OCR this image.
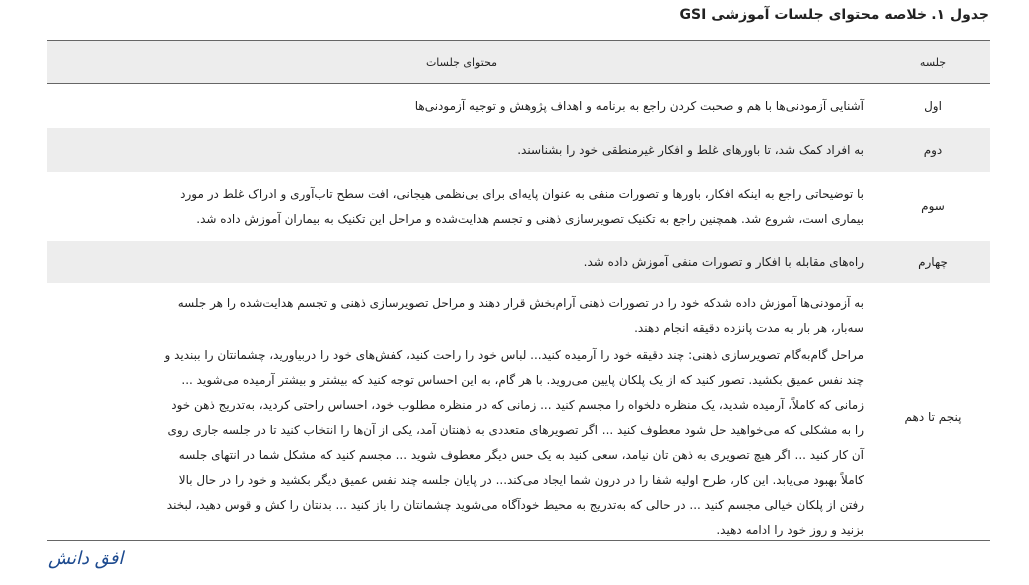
جدول ۱. خلاصه محتوای جلسات آموزشی GSI
جلسه	محتوای جلسات
اول	آشنایی آزمودنی‌ها با هم و صحبت کردن راجع به برنامه و اهداف پژوهش و توجیه آزمودنی‌ها
دوم	به افراد کمک شد، تا باورهای غلط و افکار غیرمنطقی خود را بشناسند.
سوم	با توضیحاتی راجع به اینکه افکار، باورها و تصورات منفی به عنوان پایه‌ای برای بی‌نظمی هیجانی، افت سطح تاب‌آوری و ادراک غلط در مورد بیماری است، شروع شد. همچنین راجع به تکنیک تصویرسازی ذهنی و تجسم هدایت‌شده و مراحل این تکنیک به بیماران آموزش داده شد.
چهارم	راه‌های مقابله با افکار و تصورات منفی آموزش داده شد.
پنجم تا دهم	به آزمودنی‌ها آموزش داده شدکه خود را در تصورات ذهنی آرام‌بخش قرار دهند و مراحل تصویرسازی ذهنی و تجسم هدایت‌شده را هر جلسه سه‌بار، هر بار به مدت پانزده دقیقه انجام دهند.

مراحل گام‌به‌گام تصویرسازی ذهنی: چند دقیقه خود را آرمیده کنید... لباس خود را راحت کنید، کفش‌های خود را دربیاورید، چشمانتان را ببندید و چند نفس عمیق بکشید. تصور کنید که از یک پلکان پایین می‌روید. با هر گام، به این احساس توجه کنید که بیشتر و بیشتر آرمیده می‌شوید ... زمانی که کاملاً، آرمیده شدید، یک منظره دلخواه را مجسم کنید ... زمانی که در منظره مطلوب خود، احساس راحتی کردید، به‌تدریج ذهن خود را به مشکلی که می‌خواهید حل شود معطوف کنید ... اگر تصویرهای متعددی به ذهنتان آمد، یکی از آن‌ها را انتخاب کنید تا در جلسه جاری روی آن کار کنید ... اگر هیچ تصویری به ذهن تان نیامد، سعی کنید به یک حس دیگر معطوف شوید ... مجسم کنید که مشکل شما در انتهای جلسه کاملاً بهبود می‌یابد. این کار، طرح اولیه شفا را در درون شما ایجاد می‌کند... در پایان جلسه چند نفس عمیق دیگر بکشید و خود را در حال بالا رفتن از پلکان خیالی مجسم کنید ... در حالی که به‌تدریج به محیط خودآگاه می‌شوید چشمانتان را باز کنید ... بدنتان را کش و قوس دهید، لبخند بزنید و روز خود را ادامه دهید.

افق دانش
